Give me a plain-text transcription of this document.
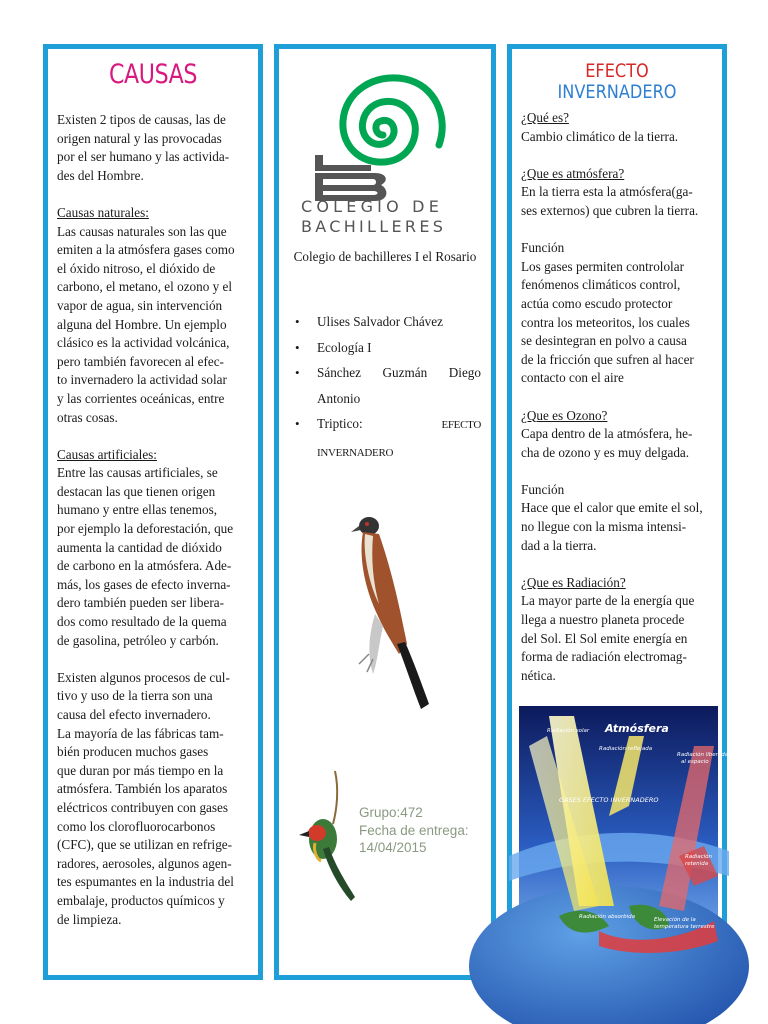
CAUSAS
Existen 2 tipos de causas, las de
origen natural y las provocadas
por el ser humano y las activida-
des del Hombre.
Causas naturales:
Las causas naturales son las que
emiten a la atmósfera gases como
el óxido nitroso, el dióxido de
carbono, el metano, el ozono y el
vapor de agua, sin intervención
alguna del Hombre. Un ejemplo
clásico es la actividad volcánica,
pero también favorecen al efec-
to invernadero la actividad solar
y las corrientes oceánicas, entre
otras cosas.
Causas artificiales:
Entre las causas artificiales, se
destacan las que tienen origen
humano y entre ellas tenemos,
por ejemplo la deforestación, que
aumenta la cantidad de dióxido
de carbono en la atmósfera. Ade-
más, los gases de efecto inverna-
dero también pueden ser libera-
dos como resultado de la quema
de gasolina, petróleo y carbón.
Existen algunos procesos de cul-
tivo y uso de la tierra son una
causa del efecto invernadero.
La mayoría de las fábricas tam-
bién producen muchos gases
que duran por más tiempo en la
atmósfera. También los aparatos
eléctricos contribuyen con gases
como los clorofluorocarbonos
(CFC), que se utilizan en refrige-
radores, aerosoles, algunos agen-
tes espumantes en la industria del
embalaje, productos químicos y
de limpieza.
COLEGIO DE
BACHILLERES
Colegio de bachilleres I el Rosario
• Ulises Salvador Chávez
• Ecología I
• Sánchez Guzmán Diego Antonio
• Triptico: EFECTO INVERNADERO
Grupo:472
Fecha de entrega:
14/04/2015
EFECTO
INVERNADERO
¿Qué es?
Cambio climático de la tierra.
¿Que es atmósfera?
En la tierra esta la atmósfera(ga-
ses externos) que cubren la tierra.
Función
Los gases permiten contrololar
fenómenos climáticos control,
actúa como escudo protector
contra los meteoritos, los cuales
se desintegran en polvo a causa
de la fricción que sufren al hacer
contacto con el aire
¿Que es Ozono?
Capa dentro de la atmósfera, he-
cha de ozono y es muy delgada.
Función
Hace que el calor que emite el sol,
no llegue con la misma intensi-
dad a la tierra.
¿Que es Radiación?
La mayor parte de la energía que
llega a nuestro planeta procede
del Sol. El Sol emite energía en
forma de radiación electromag-
nética.
Atmósfera
Radiación solar
Radiación reflejada
Radiación liberada
al espacio
GASES EFECTO INVERNADERO
Radiación
retenida
Radiación absorbida	Elevación de la
temperatura terrestre
